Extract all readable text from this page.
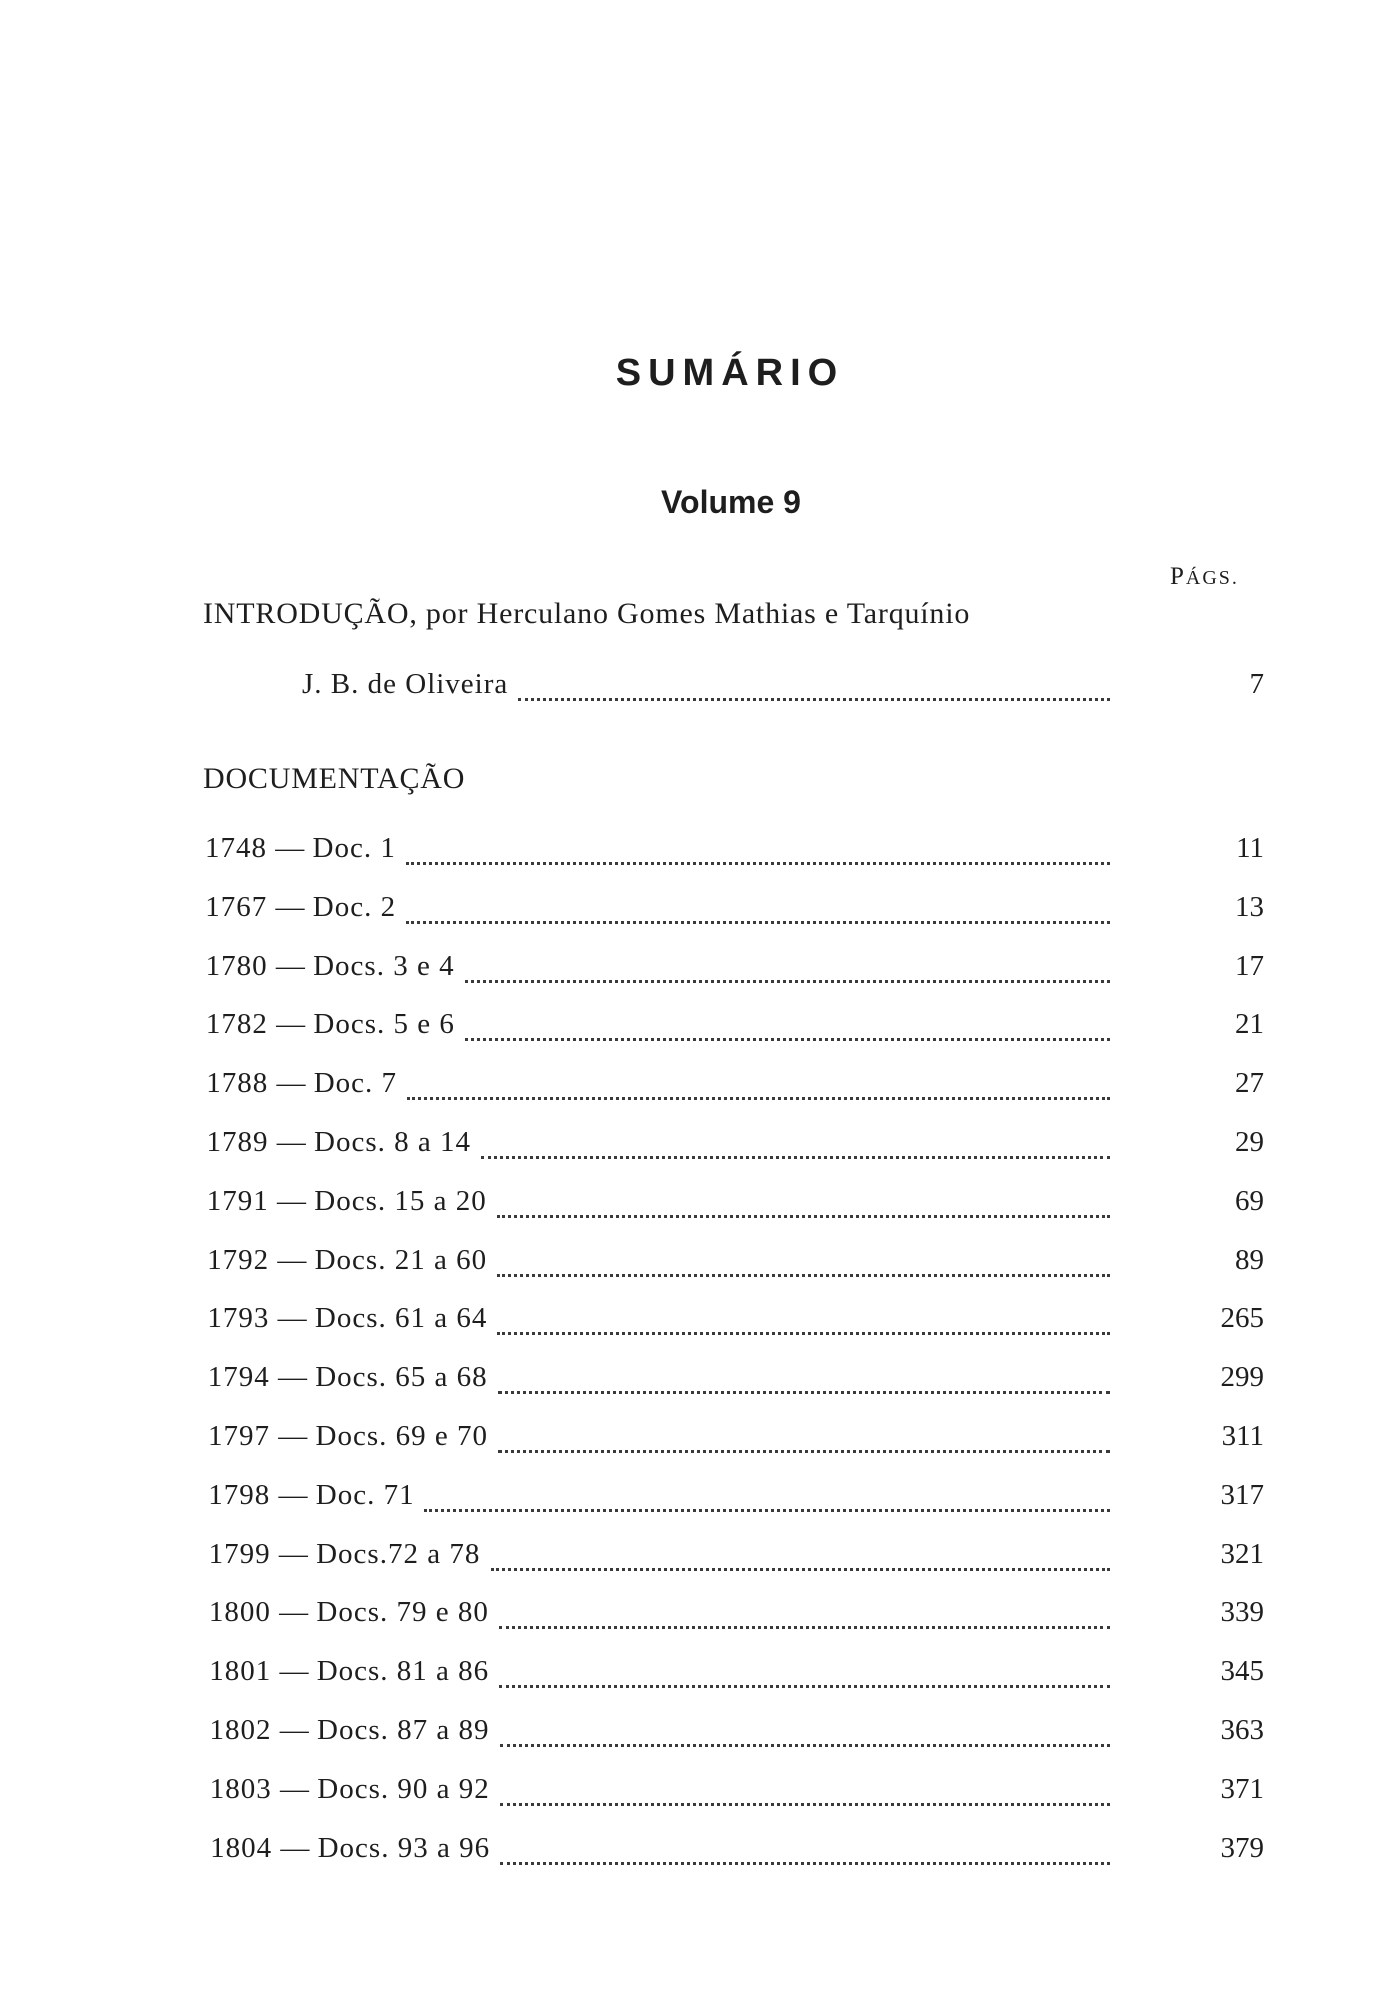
SUMÁRIO
Volume 9
PÁGS.
INTRODUÇÃO, por Herculano Gomes Mathias e Tarquínio
J. B. de Oliveira	7
DOCUMENTAÇÃO
1748 — Doc. 1	11
1767 — Doc. 2	13
1780 — Docs. 3 e 4	17
1782 — Docs. 5 e 6	21
1788 — Doc. 7	27
1789 — Docs. 8 a 14	29
1791 — Docs. 15 a 20	69
1792 — Docs. 21 a 60	89
1793 — Docs. 61 a 64	265
1794 — Docs. 65 a 68	299
1797 — Docs. 69 e 70	311
1798 — Doc. 71	317
1799 — Docs.72 a 78	321
1800 — Docs. 79 e 80	339
1801 — Docs. 81 a 86	345
1802 — Docs. 87 a 89	363
1803 — Docs. 90 a 92	371
1804 — Docs. 93 a 96	379
